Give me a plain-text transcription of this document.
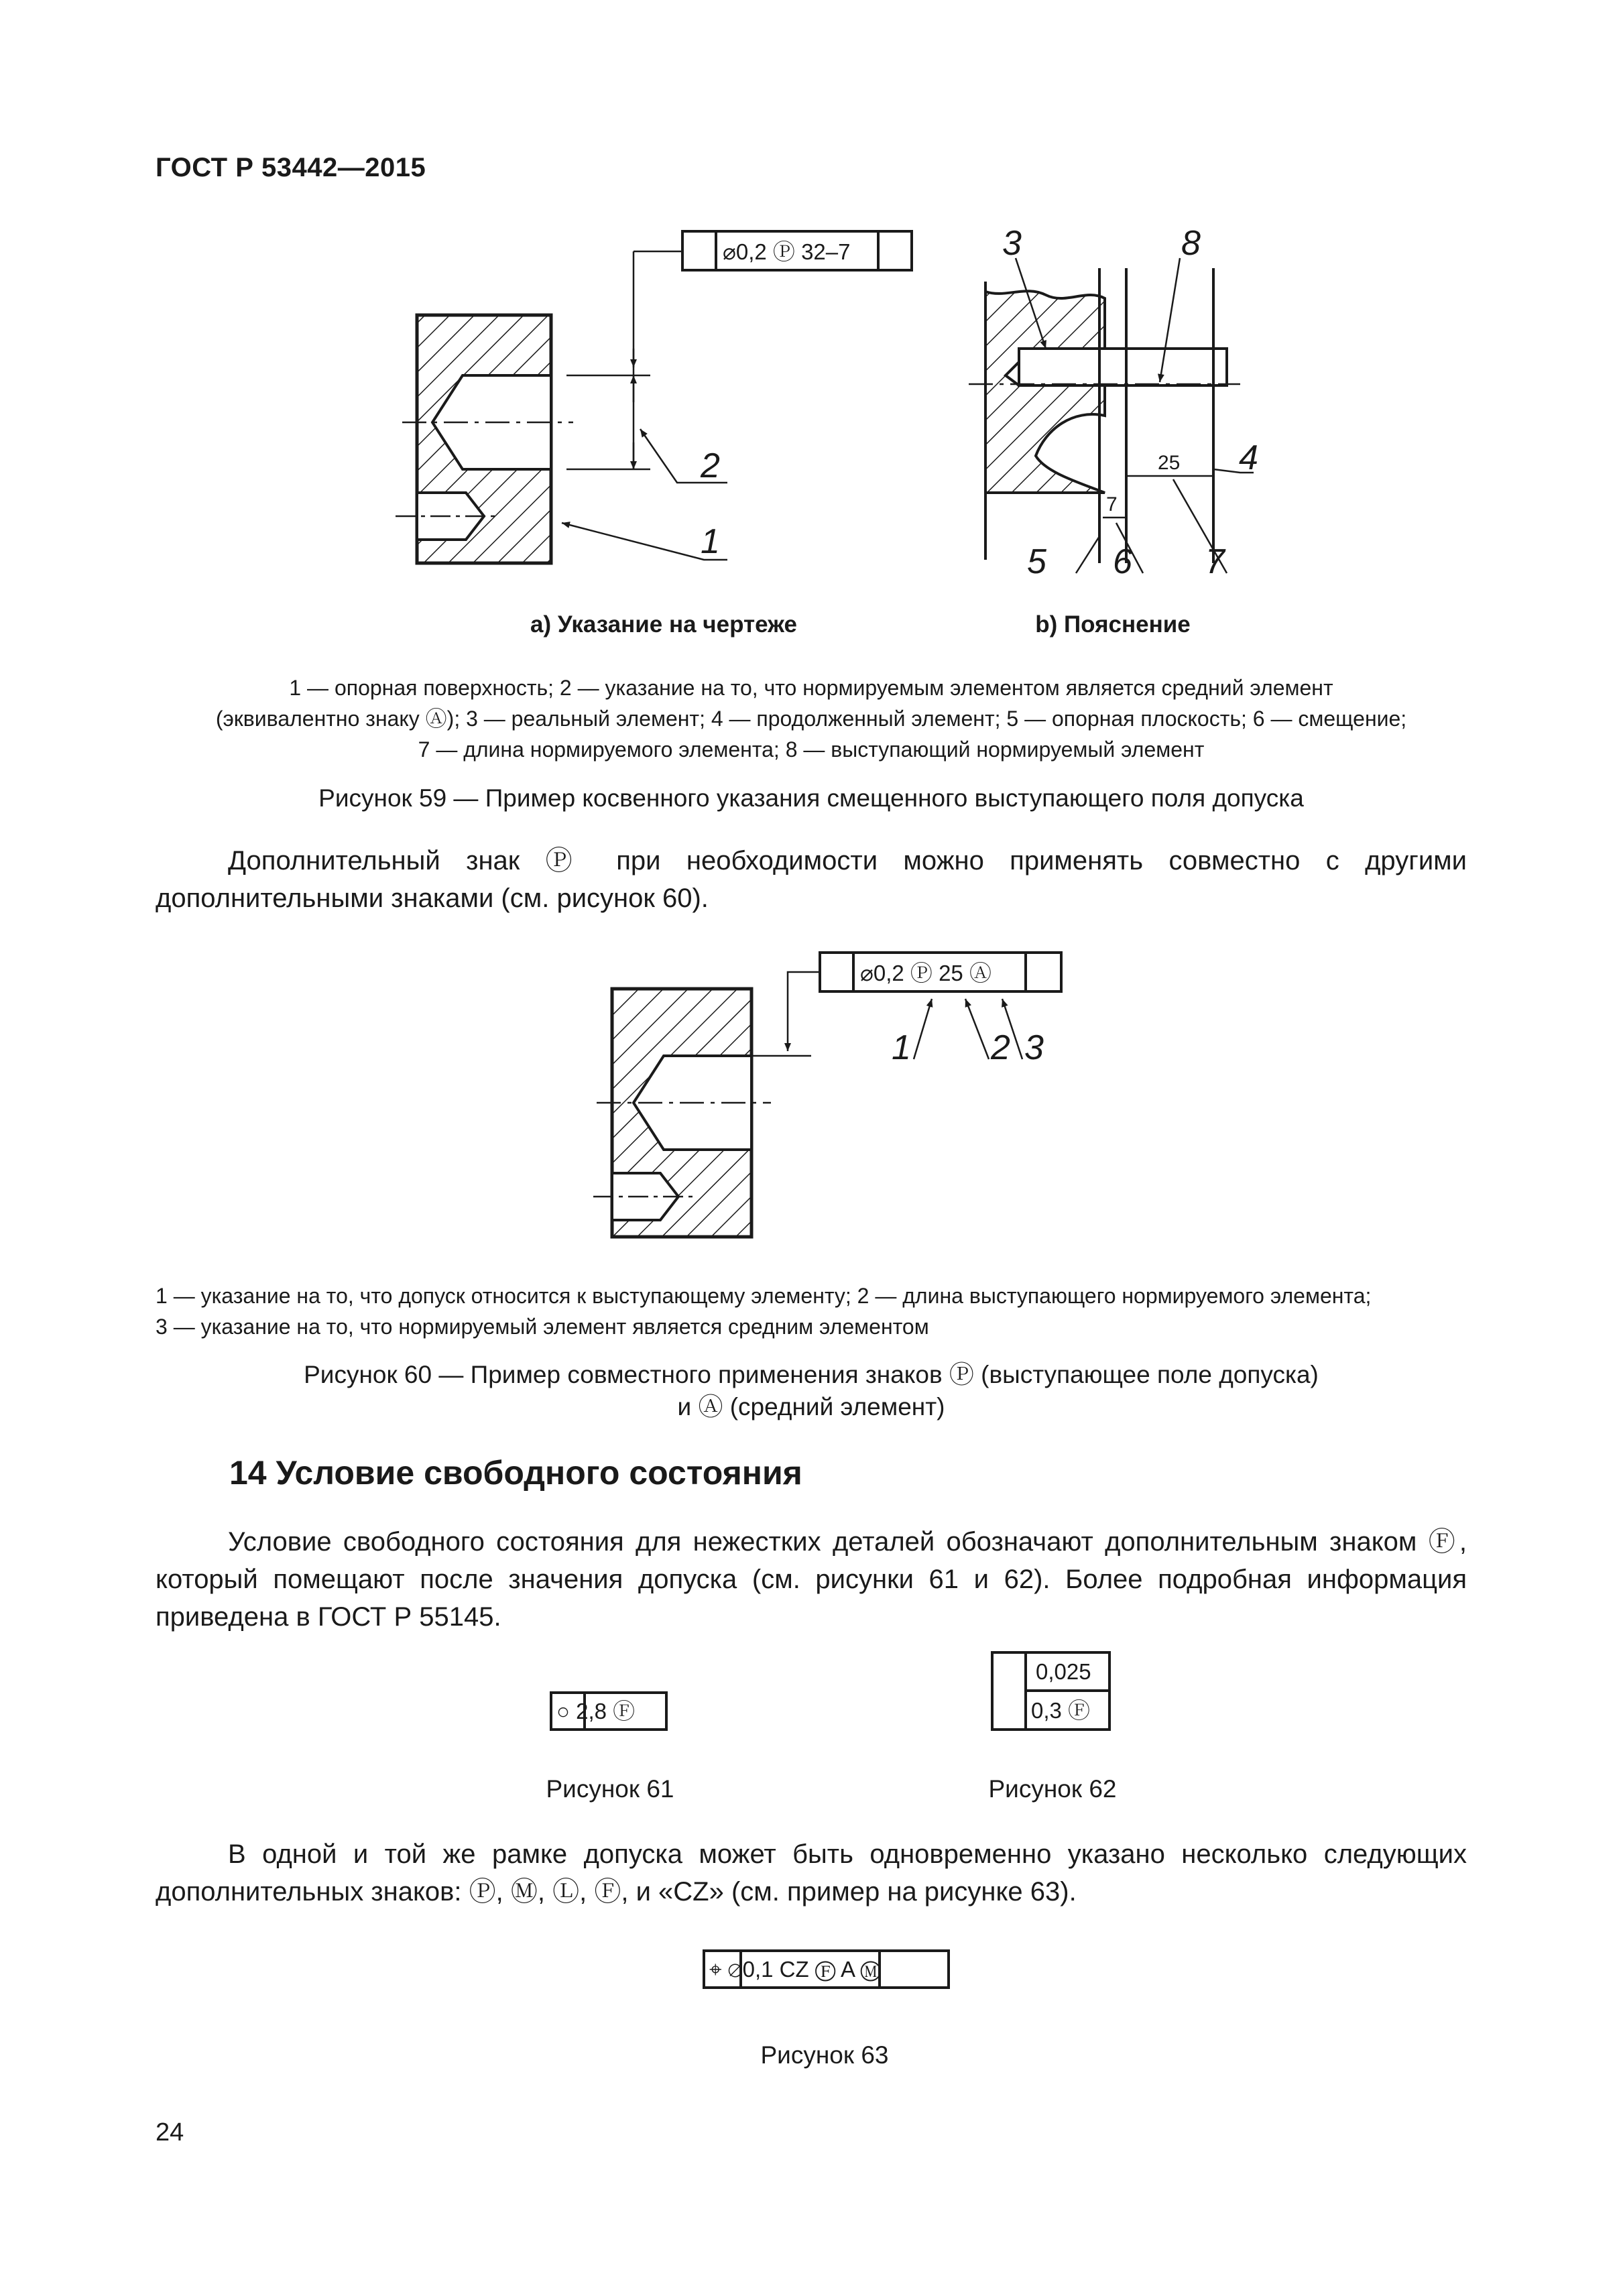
ГОСТ Р 53442—2015
⌀0,2 Ⓟ 32–7
2
1
3	8
4
5 6 7
25
7
⌀0,2 Ⓟ 25 Ⓐ
1 2 3
○ 2,8 Ⓕ
0,025
0,3 Ⓕ
⌖ ⌀0,1 CZ Ⓕ A Ⓜ
a) Указание на чертеже	b) Пояснение
1 — опорная поверхность; 2 — указание на то, что нормируемым элементом является средний элемент
(эквивалентно знаку Ⓐ); 3 — реальный элемент; 4 — продолженный элемент; 5 — опорная плоскость; 6 — смещение;
7 — длина нормируемого элемента; 8 — выступающий нормируемый элемент
Рисунок 59 — Пример косвенного указания смещенного выступающего поля допуска

Дополнительный знак Ⓟ при необходимости можно применять совместно с другими дополнительными знаками (см. рисунок 60).

1 — указание на то, что допуск относится к выступающему элементу; 2 — длина выступающего нормируемого элемента;
3 — указание на то, что нормируемый элемент является средним элементом
Рисунок 60 — Пример совместного применения знаков Ⓟ (выступающее поле допуска)
и Ⓐ (средний элемент)
14 Условие свободного состояния

Условие свободного состояния для нежестких деталей обозначают дополнительным знаком Ⓕ, который помещают после значения допуска (см. рисунки 61 и 62). Более подробная информация приведена в ГОСТ Р 55145.

Рисунок 61	Рисунок 62

В одной и той же рамке допуска может быть одновременно указано несколько следующих дополнительных знаков: Ⓟ, Ⓜ, Ⓛ, Ⓕ, и «CZ» (см. пример на рисунке 63).

Рисунок 63
24
